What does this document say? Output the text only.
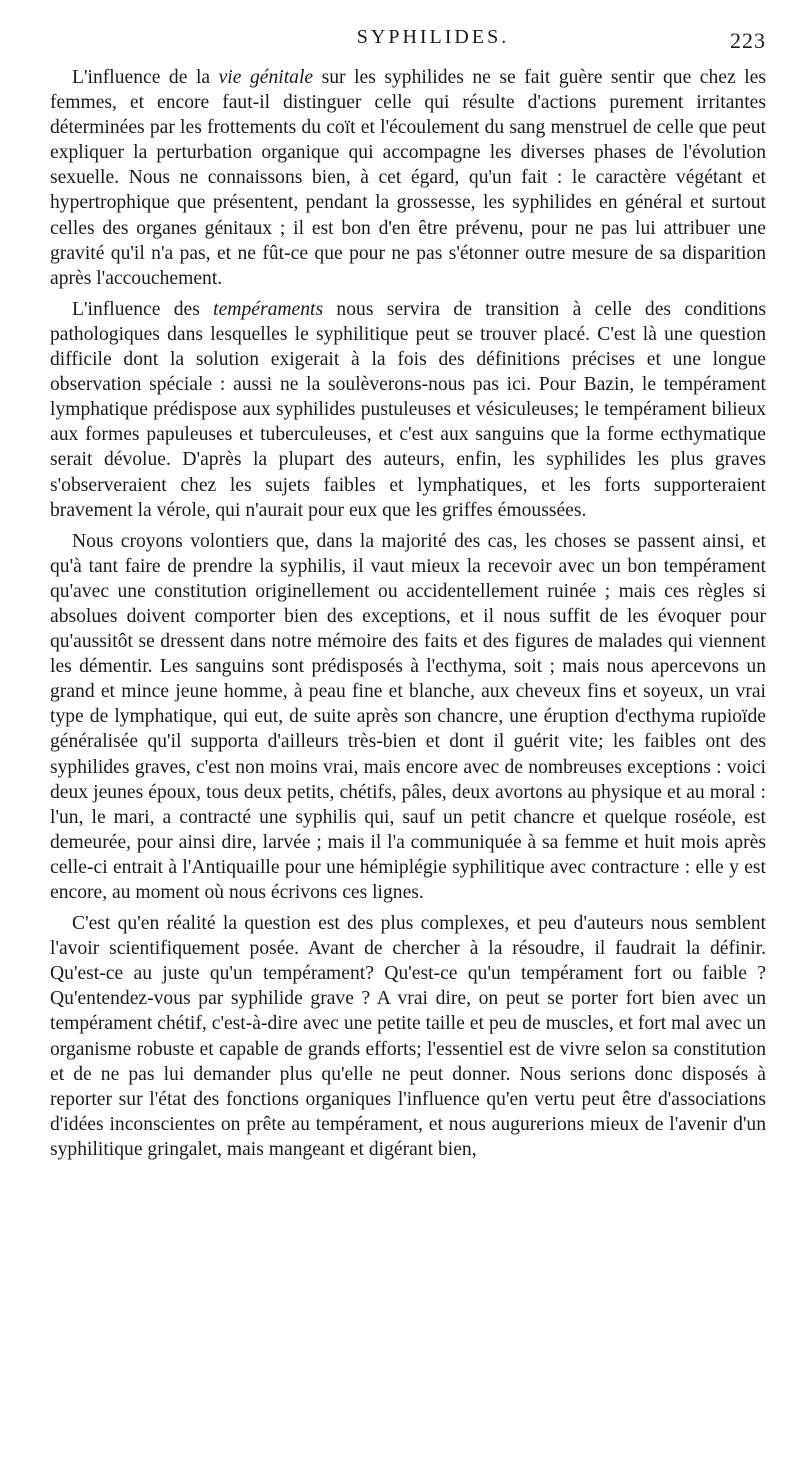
SYPHILIDES.	223

L'influence de la vie génitale sur les syphilides ne se fait guère sentir que chez les femmes, et encore faut-il distinguer celle qui résulte d'actions purement irritantes déterminées par les frottements du coït et l'écoulement du sang menstruel de celle que peut expliquer la perturbation organique qui accompagne les diverses phases de l'évolution sexuelle. Nous ne connaissons bien, à cet égard, qu'un fait : le caractère végétant et hypertrophique que présentent, pendant la grossesse, les syphilides en général et surtout celles des organes génitaux ; il est bon d'en être prévenu, pour ne pas lui attribuer une gravité qu'il n'a pas, et ne fût-ce que pour ne pas s'étonner outre mesure de sa disparition après l'accouchement.

L'influence des tempéraments nous servira de transition à celle des conditions pathologiques dans lesquelles le syphilitique peut se trouver placé. C'est là une question difficile dont la solution exigerait à la fois des définitions précises et une longue observation spéciale : aussi ne la soulèverons-nous pas ici. Pour Bazin, le tempérament lymphatique prédispose aux syphilides pustuleuses et vésiculeuses; le tempérament bilieux aux formes papuleuses et tuberculeuses, et c'est aux sanguins que la forme ecthymatique serait dévolue. D'après la plupart des auteurs, enfin, les syphilides les plus graves s'observeraient chez les sujets faibles et lymphatiques, et les forts supporteraient bravement la vérole, qui n'aurait pour eux que les griffes émoussées.

Nous croyons volontiers que, dans la majorité des cas, les choses se passent ainsi, et qu'à tant faire de prendre la syphilis, il vaut mieux la recevoir avec un bon tempérament qu'avec une constitution originellement ou accidentellement ruinée ; mais ces règles si absolues doivent comporter bien des exceptions, et il nous suffit de les évoquer pour qu'aussitôt se dressent dans notre mémoire des faits et des figures de malades qui viennent les démentir. Les sanguins sont prédisposés à l'ecthyma, soit ; mais nous apercevons un grand et mince jeune homme, à peau fine et blanche, aux cheveux fins et soyeux, un vrai type de lymphatique, qui eut, de suite après son chancre, une éruption d'ecthyma rupioïde généralisée qu'il supporta d'ailleurs très-bien et dont il guérit vite; les faibles ont des syphilides graves, c'est non moins vrai, mais encore avec de nombreuses exceptions : voici deux jeunes époux, tous deux petits, chétifs, pâles, deux avortons au physique et au moral : l'un, le mari, a contracté une syphilis qui, sauf un petit chancre et quelque roséole, est demeurée, pour ainsi dire, larvée ; mais il l'a communiquée à sa femme et huit mois après celle-ci entrait à l'Antiquaille pour une hémiplégie syphilitique avec contracture : elle y est encore, au moment où nous écrivons ces lignes.

C'est qu'en réalité la question est des plus complexes, et peu d'auteurs nous semblent l'avoir scientifiquement posée. Avant de chercher à la résoudre, il faudrait la définir. Qu'est-ce au juste qu'un tempérament? Qu'est-ce qu'un tempérament fort ou faible ? Qu'entendez-vous par syphilide grave ? A vrai dire, on peut se porter fort bien avec un tempérament chétif, c'est-à-dire avec une petite taille et peu de muscles, et fort mal avec un organisme robuste et capable de grands efforts; l'essentiel est de vivre selon sa constitution et de ne pas lui demander plus qu'elle ne peut donner. Nous serions donc disposés à reporter sur l'état des fonctions organiques l'influence qu'en vertu peut être d'associations d'idées inconscientes on prête au tempérament, et nous augurerions mieux de l'avenir d'un syphilitique gringalet, mais mangeant et digérant bien,
